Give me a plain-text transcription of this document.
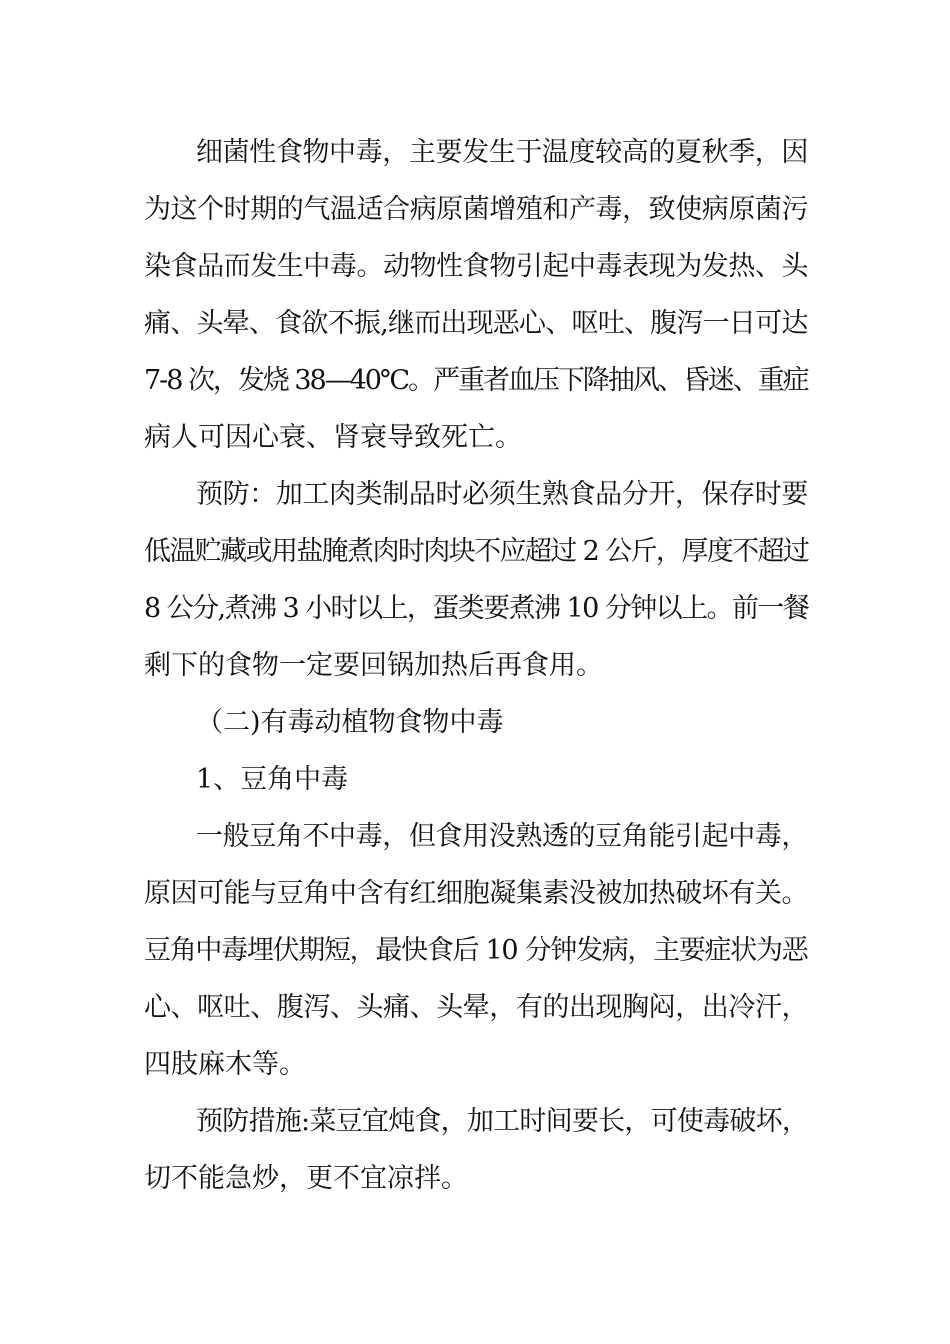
细菌性食物中毒，主要发生于温度较高的夏秋季，因

为这个时期的气温适合病原菌增殖和产毒，致使病原菌污

染食品而发生中毒。动物性食物引起中毒表现为发热、头

痛、头晕、食欲不振,继而出现恶心、呕吐、腹泻一日可达

7-8 次，发烧 38—40℃。严重者血压下降抽风、昏迷、重症

病人可因心衰、肾衰导致死亡。

预防：加工肉类制品时必须生熟食品分开，保存时要

低温贮藏或用盐腌煮肉时肉块不应超过 2 公斤，厚度不超过

8 公分,煮沸 3 小时以上，蛋类要煮沸 10 分钟以上。前一餐

剩下的食物一定要回锅加热后再食用。

（二)有毒动植物食物中毒

1、豆角中毒

一般豆角不中毒，但食用没熟透的豆角能引起中毒，

原因可能与豆角中含有红细胞凝集素没被加热破坏有关。

豆角中毒埋伏期短，最快食后 10 分钟发病，主要症状为恶

心、呕吐、腹泻、头痛、头晕，有的出现胸闷，出冷汗，

四肢麻木等。

预防措施:菜豆宜炖食，加工时间要长，可使毒破坏，

切不能急炒，更不宜凉拌。
